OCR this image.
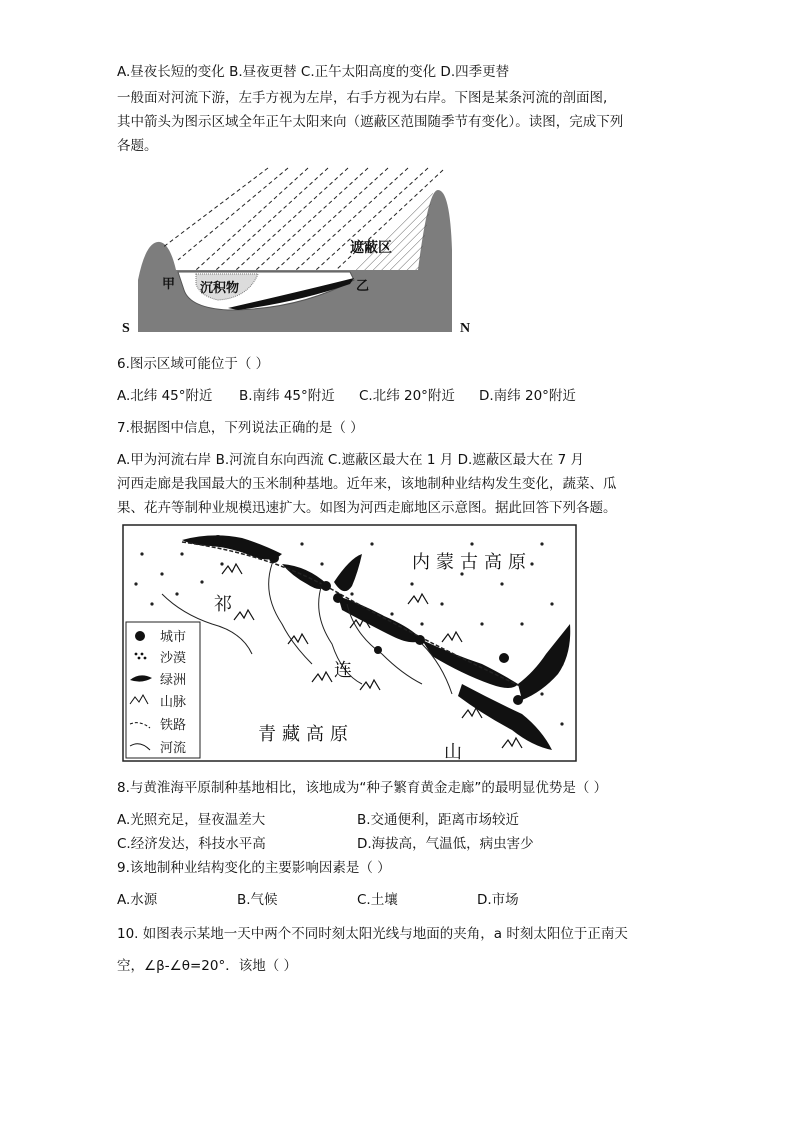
A.昼夜长短的变化 B.昼夜更替 C.正午太阳高度的变化 D.四季更替
一般面对河流下游，左手方视为左岸，右手方视为右岸。下图是某条河流的剖面图,
其中箭头为图示区域全年正午太阳来向（遮蔽区范围随季节有变化）。读图，完成下列
各题。
遮蔽区
甲	乙
沉积物
S	N
6.图示区域可能位于（ ）
A.北纬 45°附近 B.南纬 45°附近 C.北纬 20°附近 D.南纬 20°附近
7.根据图中信息，下列说法正确的是（ ）
A.甲为河流右岸 B.河流自东向西流 C.遮蔽区最大在 1 月 D.遮蔽区最大在 7 月
河西走廊是我国最大的玉米制种基地。近年来，该地制种业结构发生变化，蔬菜、瓜
果、花卉等制种业规模迅速扩大。如图为河西走廊地区示意图。据此回答下列各题。
内蒙古高原
青藏高原
祁
连
山
城市
沙漠
绿洲
山脉
铁路
河流
8.与黄淮海平原制种基地相比，该地成为“种子繁育黄金走廊”的最明显优势是（ ）
A.光照充足，昼夜温差大	B.交通便利，距离市场较近
C.经济发达，科技水平高	D.海拔高，气温低，病虫害少
9.该地制种业结构变化的主要影响因素是（ ）
A.水源	B.气候	C.土壤	D.市场
10. 如图表示某地一天中两个不同时刻太阳光线与地面的夹角，a 时刻太阳位于正南天
空，∠β-∠θ=20°．该地（ ）
